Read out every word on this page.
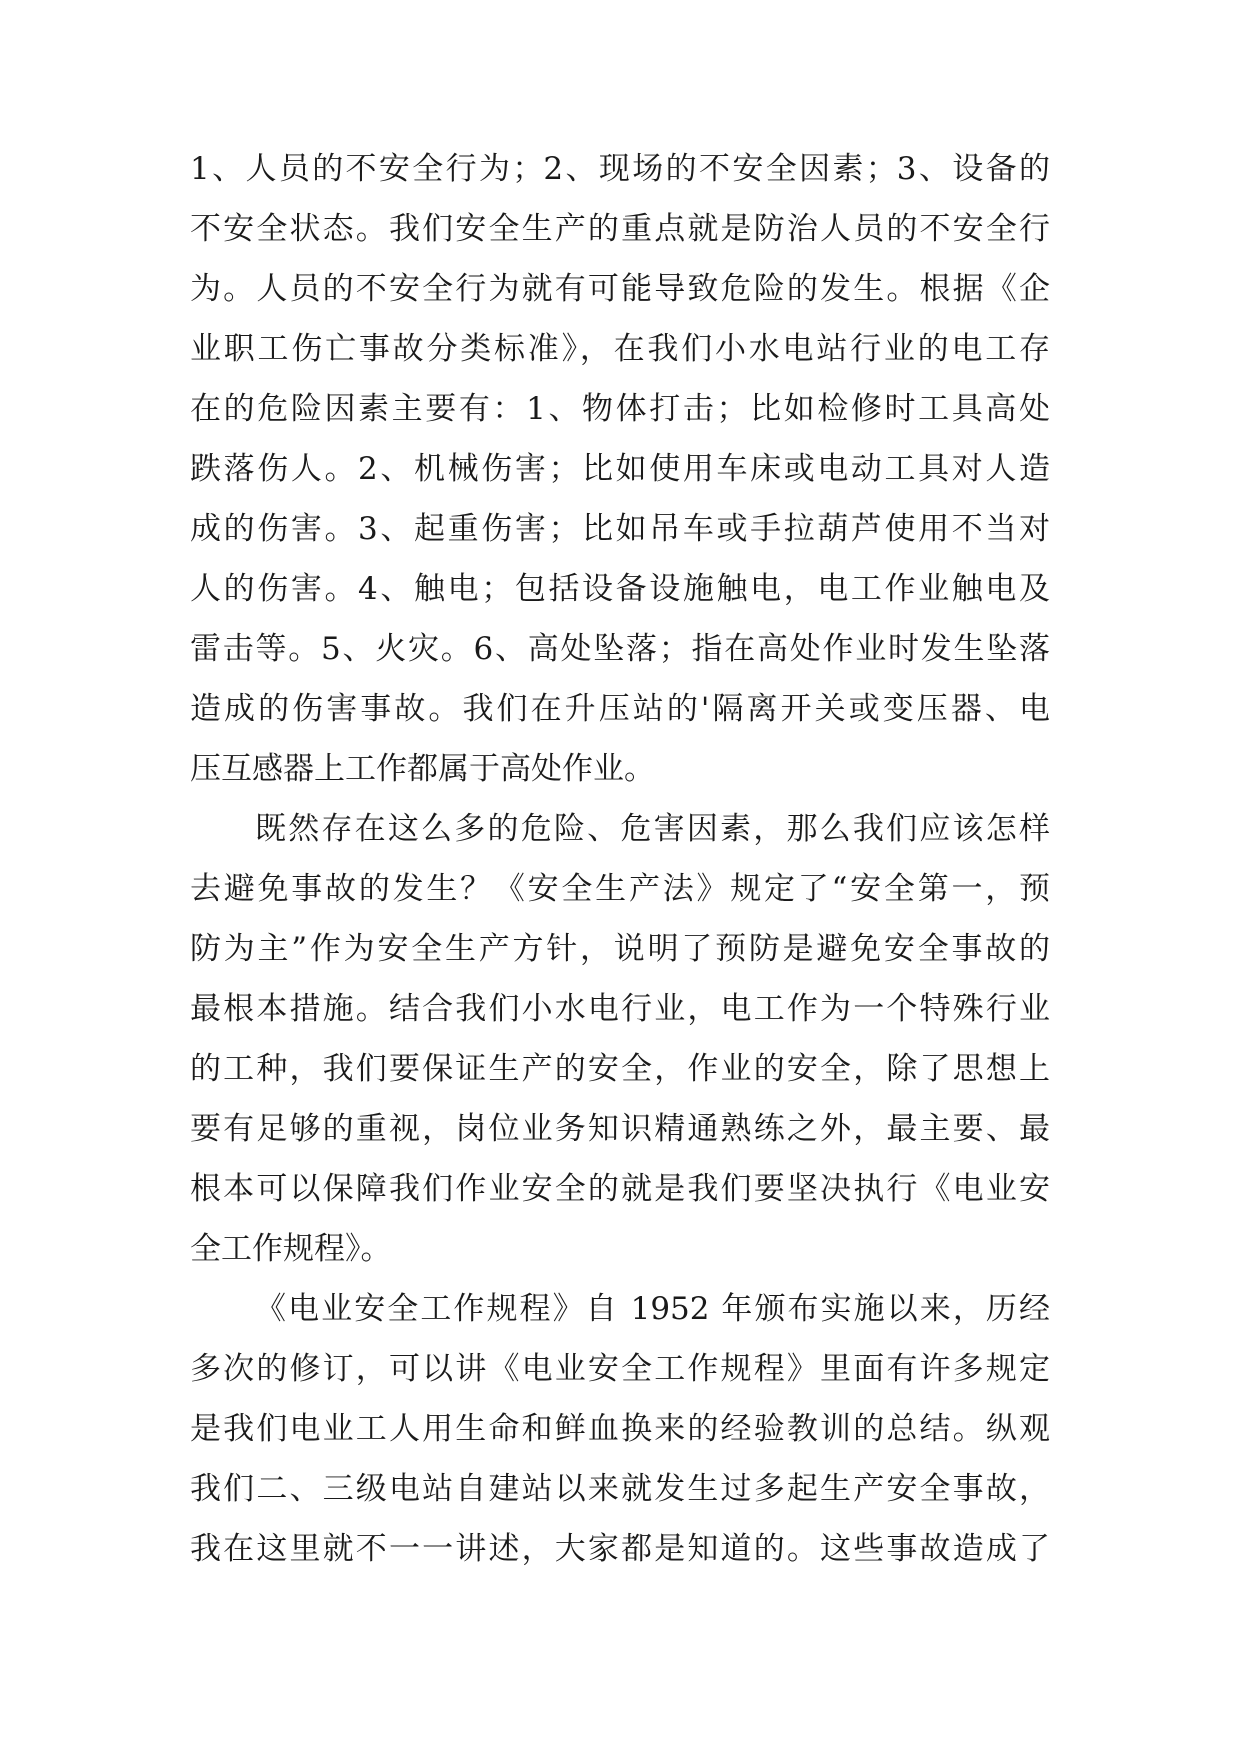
1、人员的不安全行为；2、现场的不安全因素；3、设备的
不安全状态。我们安全生产的重点就是防治人员的不安全行
为。人员的不安全行为就有可能导致危险的发生。根据《企
业职工伤亡事故分类标准》，在我们小水电站行业的电工存
在的危险因素主要有：1、物体打击；比如检修时工具高处
跌落伤人。2、机械伤害；比如使用车床或电动工具对人造
成的伤害。3、起重伤害；比如吊车或手拉葫芦使用不当对
人的伤害。4、触电；包括设备设施触电，电工作业触电及
雷击等。5、火灾。6、高处坠落；指在高处作业时发生坠落
造成的伤害事故。我们在升压站的'隔离开关或变压器、电
压互感器上工作都属于高处作业。
既然存在这么多的危险、危害因素，那么我们应该怎样
去避免事故的发生？《安全生产法》规定了“安全第一，预
防为主”作为安全生产方针，说明了预防是避免安全事故的
最根本措施。结合我们小水电行业，电工作为一个特殊行业
的工种，我们要保证生产的安全，作业的安全，除了思想上
要有足够的重视，岗位业务知识精通熟练之外，最主要、最
根本可以保障我们作业安全的就是我们要坚决执行《电业安
全工作规程》。
《电业安全工作规程》自 1952 年颁布实施以来，历经
多次的修订，可以讲《电业安全工作规程》里面有许多规定
是我们电业工人用生命和鲜血换来的经验教训的总结。纵观
我们二、三级电站自建站以来就发生过多起生产安全事故，
我在这里就不一一讲述，大家都是知道的。这些事故造成了
